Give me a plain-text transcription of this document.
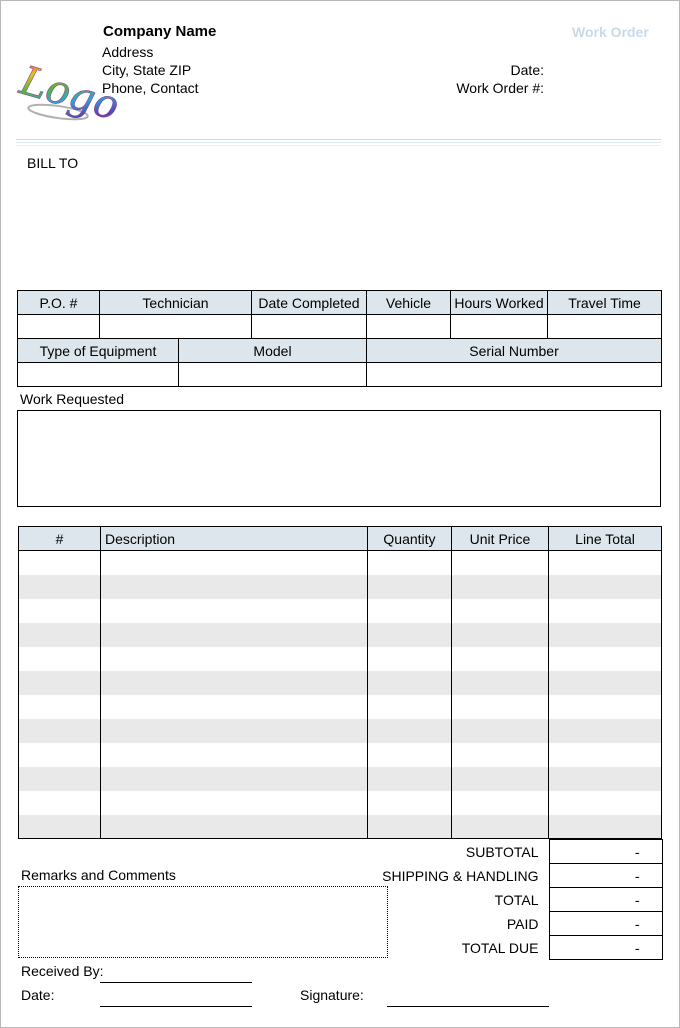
Logo
Company Name
Address
City, State ZIP
Phone, Contact
Work Order
Date:
Work Order #:
BILL TO
P.O. #	Technician	Date Completed	Vehicle	Hours Worked	Travel Time

Type of Equipment	Model	Serial Number

Work Requested
#	Description	Quantity	Unit Price	Line Total

SUBTOTAL	-
SHIPPING & HANDLING	-
TOTAL	-
PAID	-
TOTAL DUE	-
Remarks and Comments
Received By:
Date:	Signature:
